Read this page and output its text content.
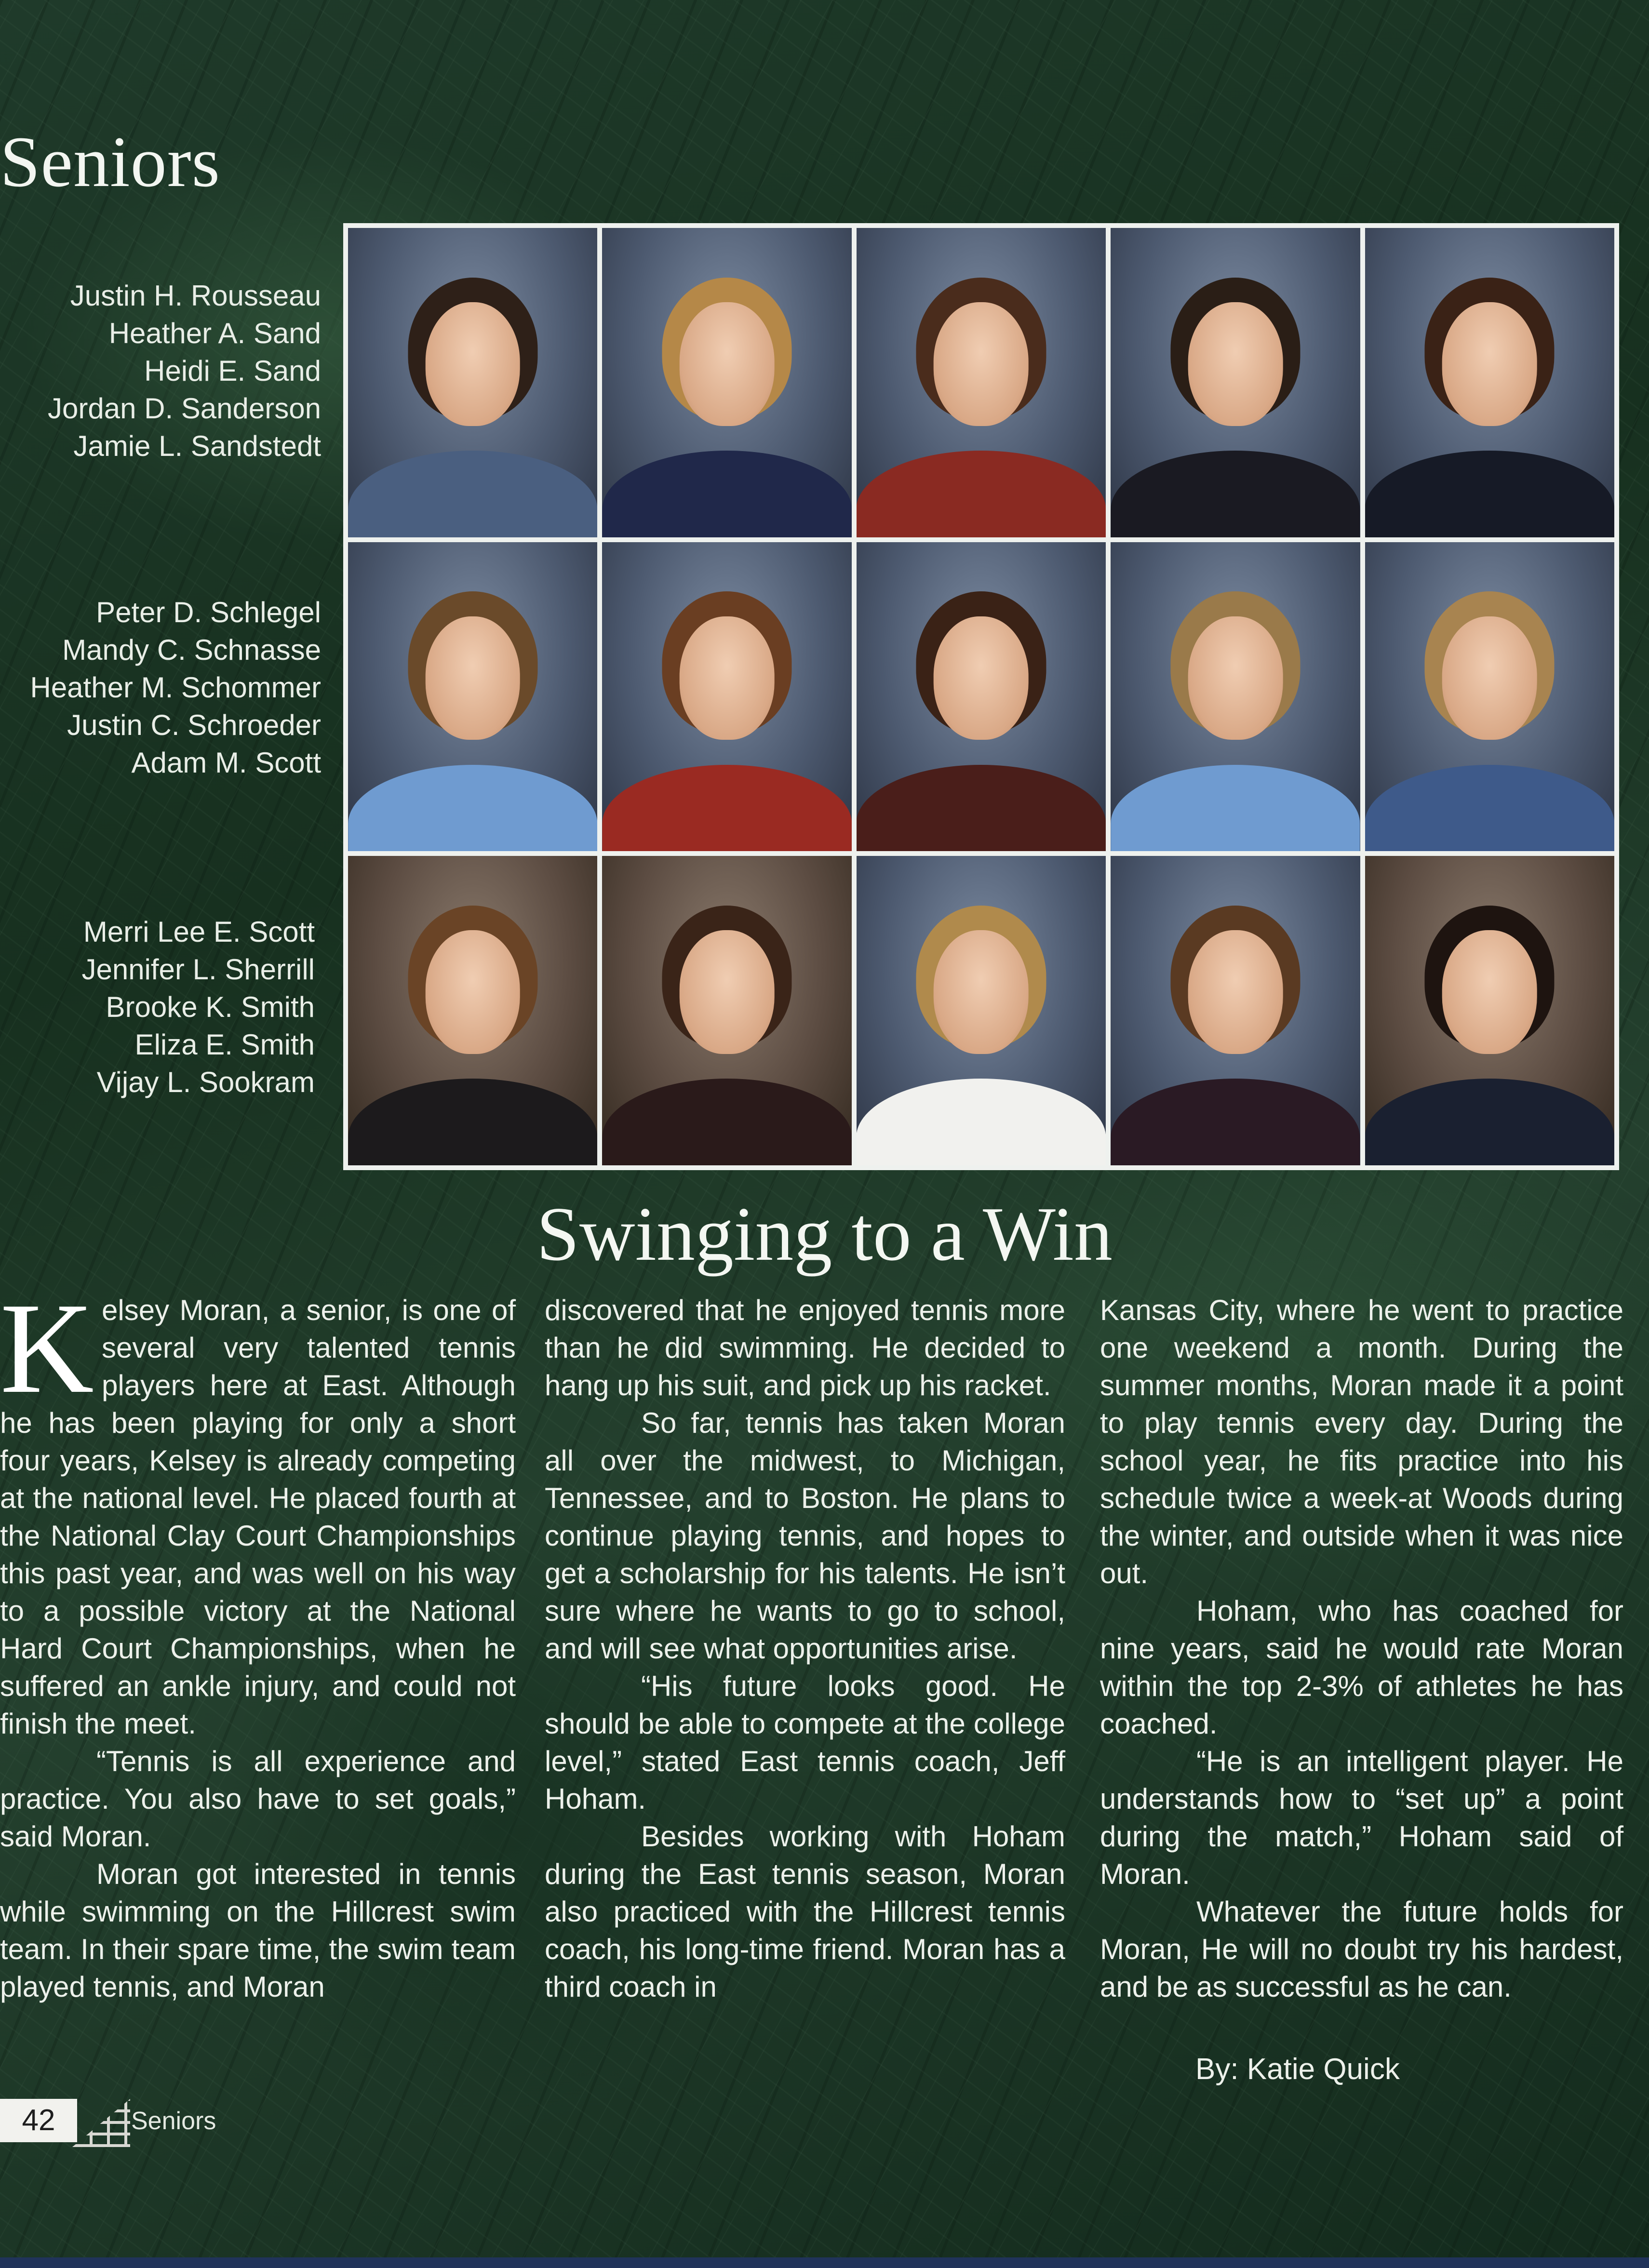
Seniors
Justin H. Rousseau
Heather A. Sand
Heidi E. Sand
Jordan D. Sanderson
Jamie L. Sandstedt
Peter D. Schlegel
Mandy C. Schnasse
Heather M. Schommer
Justin C. Schroeder
Adam M. Scott
Merri Lee E. Scott
Jennifer L. Sherrill
Brooke K. Smith
Eliza E. Smith
Vijay L. Sookram
Swinging to a Win

Kelsey Moran, a senior, is one of several very talented tennis players here at East. Although he has been playing for only a short four years, Kelsey is already competing at the national level. He placed fourth at the National Clay Court Championships this past year, and was well on his way to a possible victory at the National Hard Court Championships, when he suffered an ankle injury, and could not finish the meet.

“Tennis is all experience and practice. You also have to set goals,” said Moran.

Moran got interested in tennis while swimming on the Hillcrest swim team. In their spare time, the swim team played tennis, and Moran

discovered that he enjoyed tennis more than he did swimming. He decided to hang up his suit, and pick up his racket.

So far, tennis has taken Moran all over the midwest, to Michigan, Tennessee, and to Boston. He plans to continue playing tennis, and hopes to get a scholarship for his talents. He isn’t sure where he wants to go to school, and will see what opportunities arise.

“His future looks good. He should be able to compete at the college level,” stated East tennis coach, Jeff Hoham.

Besides working with Hoham during the East tennis season, Moran also practiced with the Hillcrest tennis coach, his long-time friend. Moran has a third coach in

Kansas City, where he went to practice one weekend a month. During the summer months, Moran made it a point to play tennis every day. During the school year, he fits practice into his schedule twice a week-at Woods during the winter, and outside when it was nice out.

Hoham, who has coached for nine years, said he would rate Moran within the top 2-3% of athletes he has coached.

“He is an intelligent player. He understands how to “set up” a point during the match,” Hoham said of Moran.

Whatever the future holds for Moran, He will no doubt try his hardest, and be as successful as he can.

By: Katie Quick
42	Seniors
